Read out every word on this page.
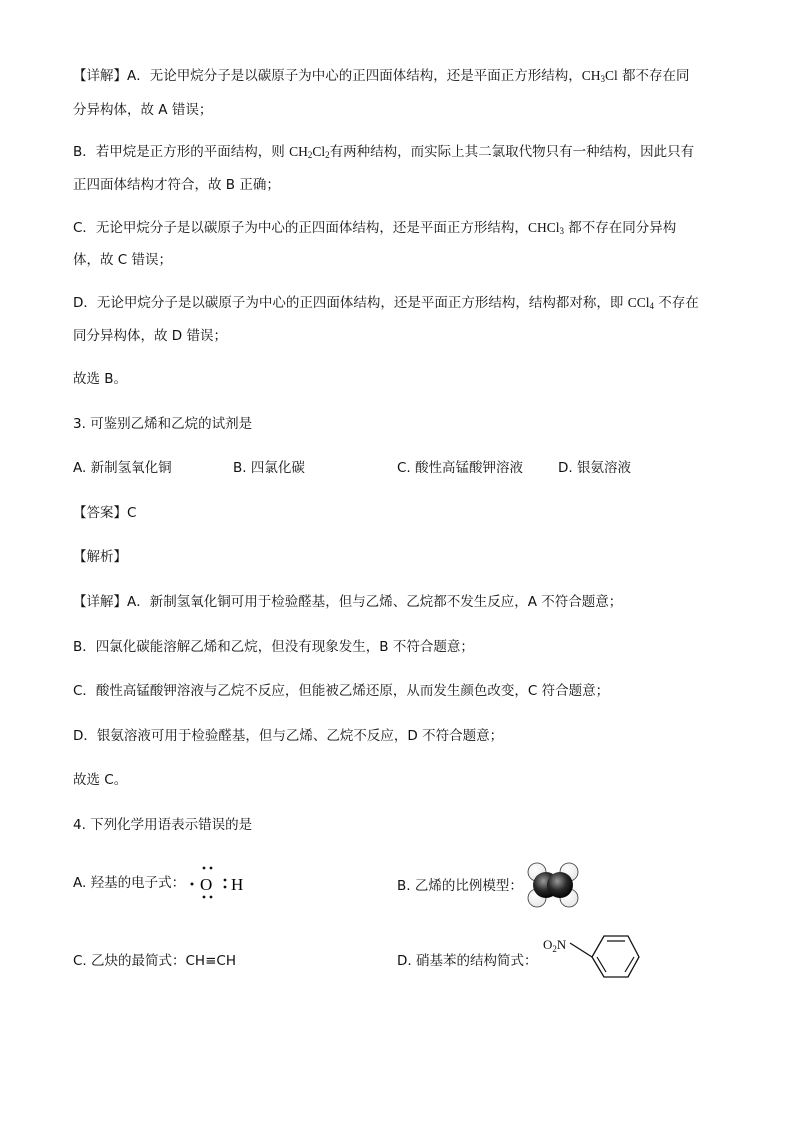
【详解】A．无论甲烷分子是以碳原子为中心的正四面体结构，还是平面正方形结构，$CH_3Cl$ 都不存在同
分异构体，故 A 错误；
B．若甲烷是正方形的平面结构，则 $CH_2Cl_2$有两种结构，而实际上其二氯取代物只有一种结构，因此只有
正四面体结构才符合，故 B 正确；
C．无论甲烷分子是以碳原子为中心的正四面体结构，还是平面正方形结构，CHCl$_3$ 都不存在同分异构
体，故 C 错误；
D．无论甲烷分子是以碳原子为中心的正四面体结构，还是平面正方形结构，结构都对称，即 CCl$_4$ 不存在
同分异构体，故 D 错误；
故选 B。
3. 可鉴别乙烯和乙烷的试剂是
A. 新制氢氧化铜	B. 四氯化碳	C. 酸性高锰酸钾溶液	D. 银氨溶液
【答案】C
【解析】
【详解】A．新制氢氧化铜可用于检验醛基，但与乙烯、乙烷都不发生反应，A 不符合题意；
B．四氯化碳能溶解乙烯和乙烷，但没有现象发生，B 不符合题意；
C．酸性高锰酸钾溶液与乙烷不反应，但能被乙烯还原，从而发生颜色改变，C 符合题意；
D．银氨溶液可用于检验醛基，但与乙烯、乙烷不反应，D 不符合题意；
故选 C。
4. 下列化学用语表示错误的是
A. 羟基的电子式： O H	B. 乙烯的比例模型：
C. 乙炔的最简式：CH≡CH	D. 硝基苯的结构简式：
$O_2N$
